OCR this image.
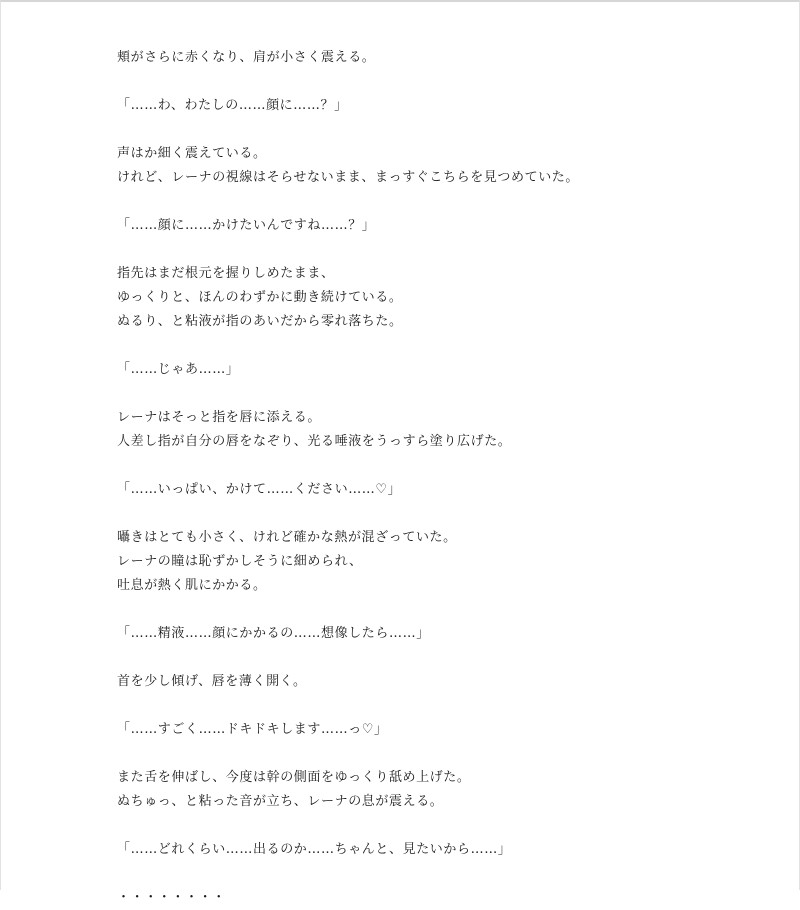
頬がさらに赤くなり、肩が小さく震える。
「……わ、わたしの……顔に……？」
声はか細く震えている。
けれど、レーナの視線はそらせないまま、まっすぐこちらを見つめていた。
「……顔に……かけたいんですね……？」
指先はまだ根元を握りしめたまま、
ゆっくりと、ほんのわずかに動き続けている。
ぬるり、と粘液が指のあいだから零れ落ちた。
「……じゃあ……」
レーナはそっと指を唇に添える。
人差し指が自分の唇をなぞり、光る唾液をうっすら塗り広げた。
「……いっぱい、かけて……ください……♡」
囁きはとても小さく、けれど確かな熱が混ざっていた。
レーナの瞳は恥ずかしそうに細められ、
吐息が熱く肌にかかる。
「……精液……顔にかかるの……想像したら……」
首を少し傾げ、唇を薄く開く。
「……すごく……ドキドキします……っ♡」
また舌を伸ばし、今度は幹の側面をゆっくり舐め上げた。
ぬちゅっ、と粘った音が立ち、レーナの息が震える。
「……どれくらい……出るのか……ちゃんと、見たいから……」
・・・・・・・・
